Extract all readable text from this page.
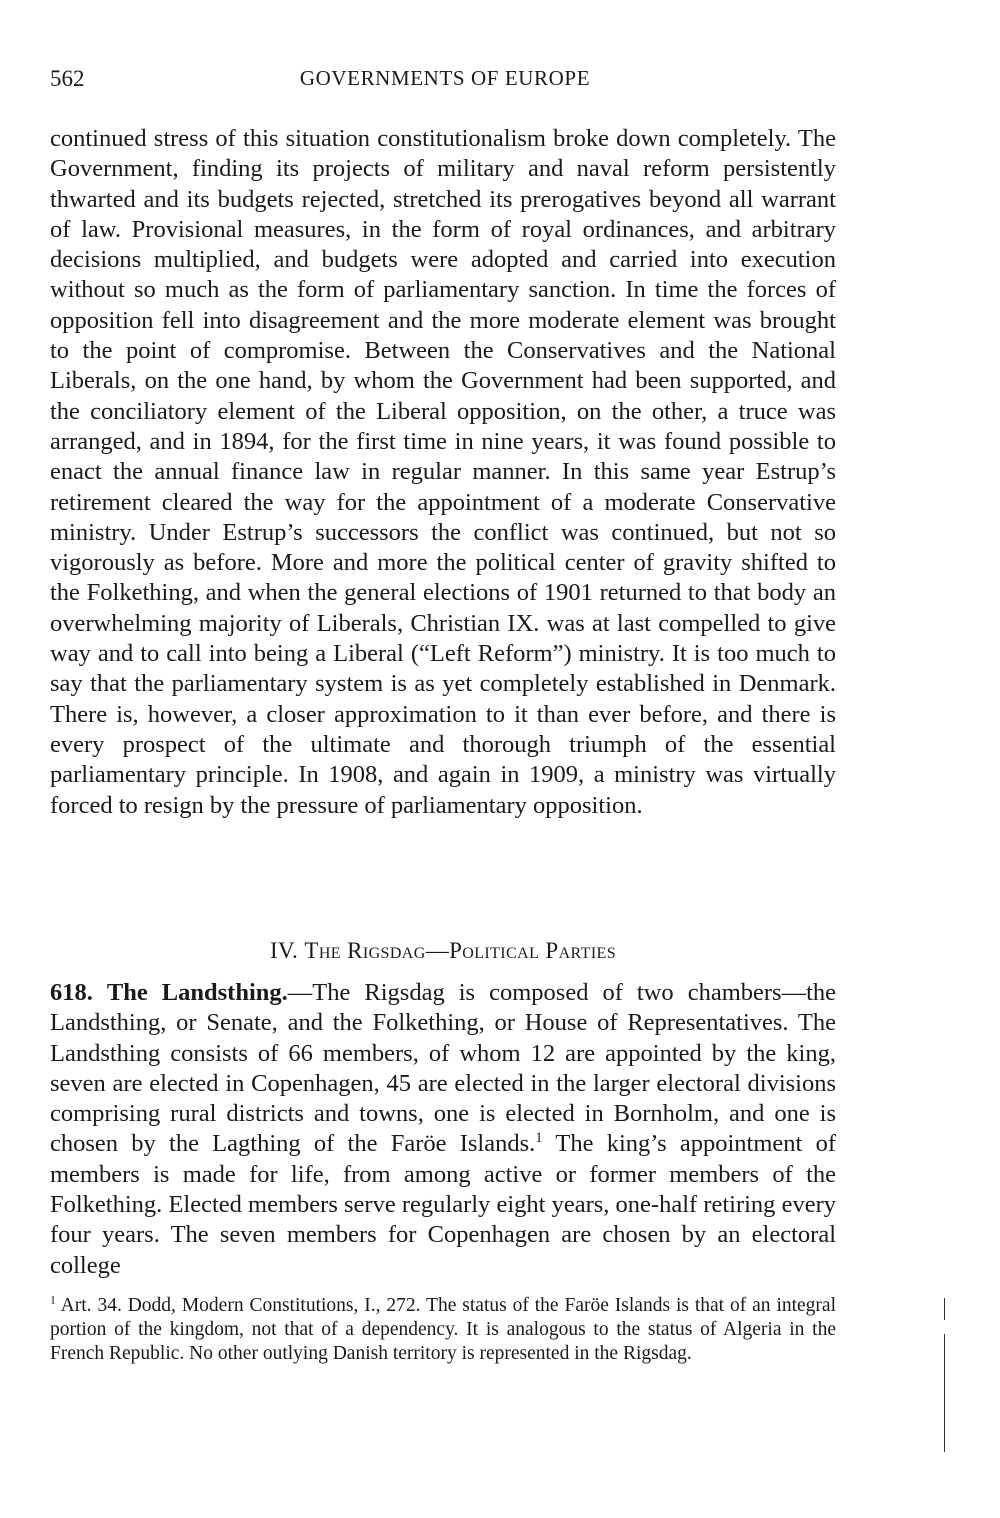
562	GOVERNMENTS OF EUROPE

continued stress of this situation constitutionalism broke down completely. The Government, finding its projects of military and naval reform persistently thwarted and its budgets rejected, stretched its prerogatives beyond all warrant of law. Provisional measures, in the form of royal ordinances, and arbitrary decisions multiplied, and budgets were adopted and carried into execution without so much as the form of parliamentary sanction. In time the forces of opposition fell into disagreement and the more moderate element was brought to the point of compromise. Between the Conservatives and the National Liberals, on the one hand, by whom the Government had been supported, and the conciliatory element of the Liberal opposition, on the other, a truce was arranged, and in 1894, for the first time in nine years, it was found possible to enact the annual finance law in regular manner. In this same year Estrup’s retirement cleared the way for the appointment of a moderate Conservative ministry. Under Estrup’s successors the conflict was continued, but not so vigorously as before. More and more the political center of gravity shifted to the Folkething, and when the general elections of 1901 returned to that body an overwhelming majority of Liberals, Christian IX. was at last compelled to give way and to call into being a Liberal (“Left Reform”) ministry. It is too much to say that the parliamentary system is as yet completely established in Denmark. There is, however, a closer approximation to it than ever before, and there is every prospect of the ultimate and thorough triumph of the essential parliamentary principle. In 1908, and again in 1909, a ministry was virtually forced to resign by the pressure of parliamentary opposition.

IV. The Rigsdag—Political Parties

618. The Landsthing.—The Rigsdag is composed of two chambers—the Landsthing, or Senate, and the Folkething, or House of Representatives. The Landsthing consists of 66 members, of whom 12 are appointed by the king, seven are elected in Copenhagen, 45 are elected in the larger electoral divisions comprising rural districts and towns, one is elected in Bornholm, and one is chosen by the Lagthing of the Faröe Islands.$^1$ The king’s appointment of members is made for life, from among active or former members of the Folkething. Elected members serve regularly eight years, one-half retiring every four years. The seven members for Copenhagen are chosen by an electoral college

$^1$ Art. 34. Dodd, Modern Constitutions, I., 272. The status of the Faröe Islands is that of an integral portion of the kingdom, not that of a dependency. It is analogous to the status of Algeria in the French Republic. No other outlying Danish territory is represented in the Rigsdag.
